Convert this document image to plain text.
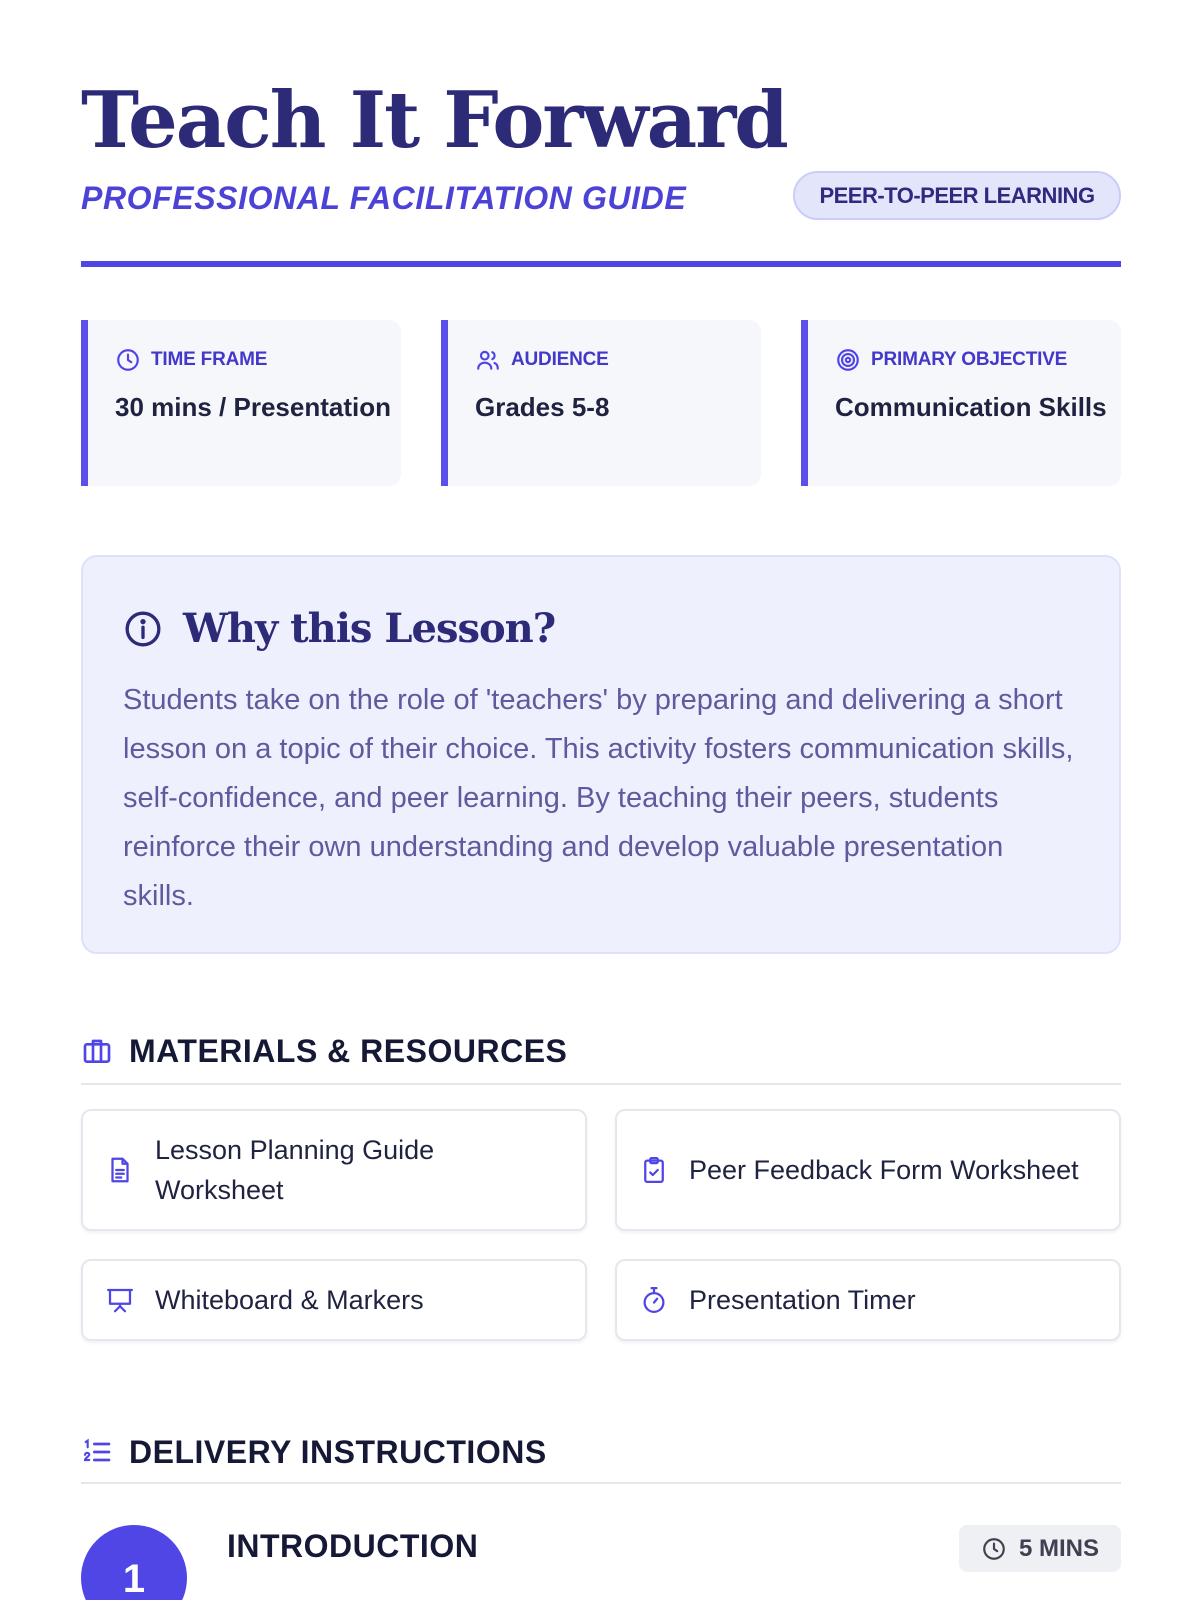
Teach It Forward
PROFESSIONAL FACILITATION GUIDE	PEER-TO-PEER LEARNING
TIME FRAME
30 mins / Presentation
AUDIENCE
Grades 5-8
PRIMARY OBJECTIVE
Communication Skills
Why this Lesson?

Students take on the role of 'teachers' by preparing and delivering a short lesson on a topic of their choice. This activity fosters communication skills, self-confidence, and peer learning. By teaching their peers, students reinforce their own understanding and develop valuable presentation skills.

MATERIALS & RESOURCES
Lesson Planning Guide Worksheet
Peer Feedback Form Worksheet
Whiteboard & Markers	Presentation Timer
DELIVERY INSTRUCTIONS
1
INTRODUCTION	5 MINS
